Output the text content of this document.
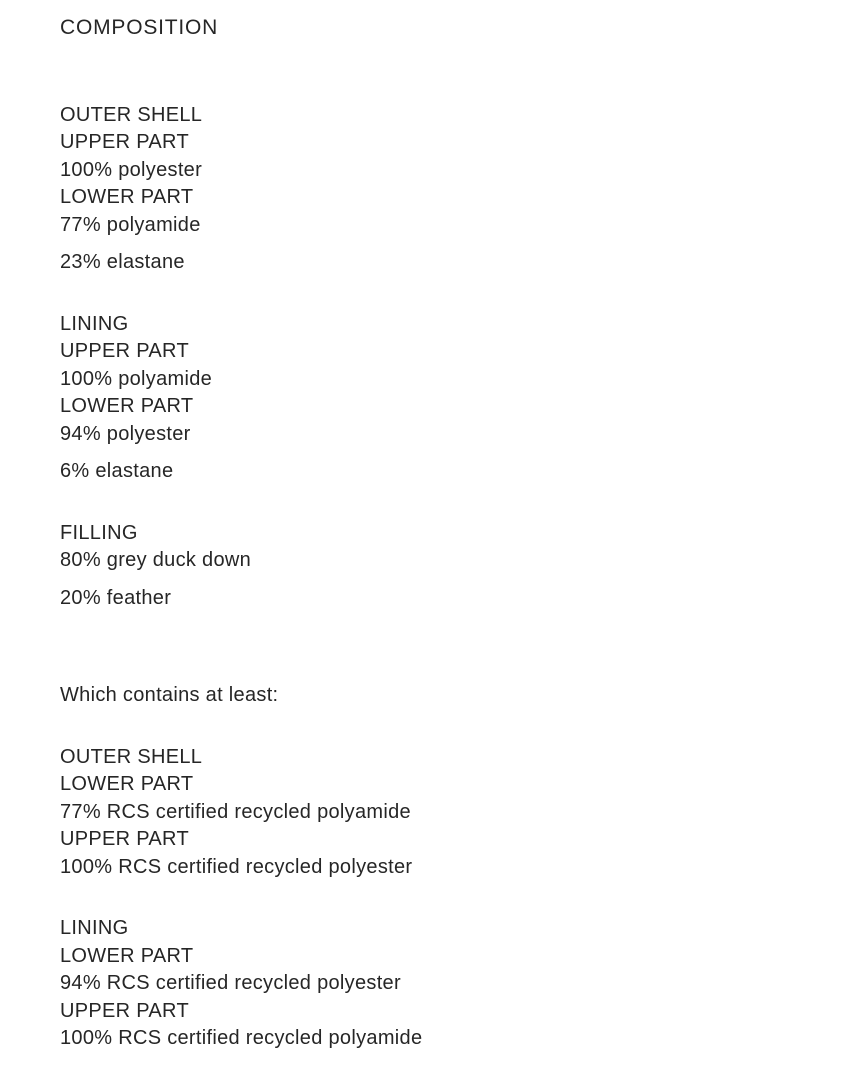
COMPOSITION
OUTER SHELL
UPPER PART
100% polyester
LOWER PART
77% polyamide
23% elastane
LINING
UPPER PART
100% polyamide
LOWER PART
94% polyester
6% elastane
FILLING
80% grey duck down
20% feather

Which contains at least:

OUTER SHELL
LOWER PART
77% RCS certified recycled polyamide
UPPER PART
100% RCS certified recycled polyester
LINING
LOWER PART
94% RCS certified recycled polyester
UPPER PART
100% RCS certified recycled polyamide
